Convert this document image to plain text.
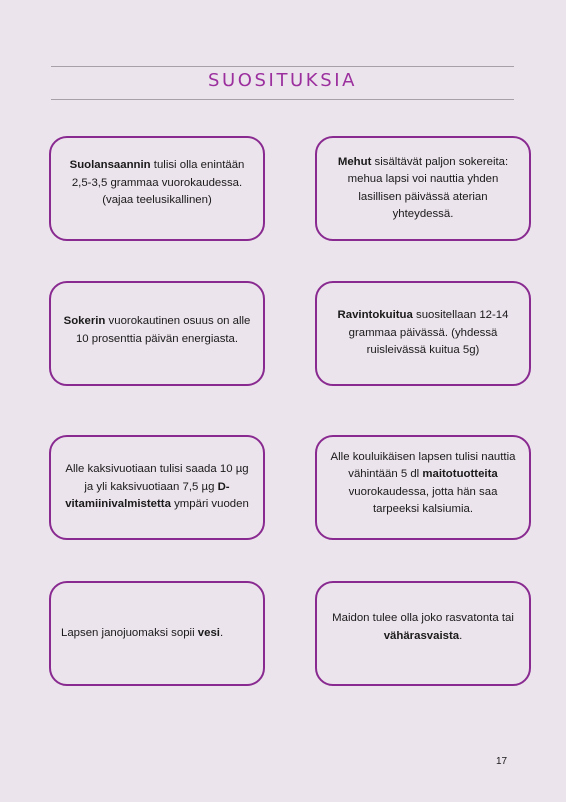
SUOSITUKSIA

Suolansaannin tulisi olla enintään 2,5-3,5 grammaa vuorokaudessa. (vajaa teelusikallinen)

Mehut sisältävät paljon sokereita: mehua lapsi voi nauttia yhden lasillisen päivässä aterian yhteydessä.

Sokerin vuorokautinen osuus on alle 10 prosenttia päivän energiasta.

Ravintokuitua suositellaan 12-14 grammaa päivässä. (yhdessä ruisleivässä kuitua 5g)

Alle kaksivuotiaan tulisi saada 10 µg ja yli kaksivuotiaan 7,5 µg D-vitamiinivalmistetta ympäri vuoden

Alle kouluikäisen lapsen tulisi nauttia vähintään 5 dl maitotuotteita vuorokaudessa, jotta hän saa tarpeeksi kalsiumia.

Lapsen janojuomaksi sopii vesi.

Maidon tulee olla joko rasvatonta tai vähärasvaista.

17
